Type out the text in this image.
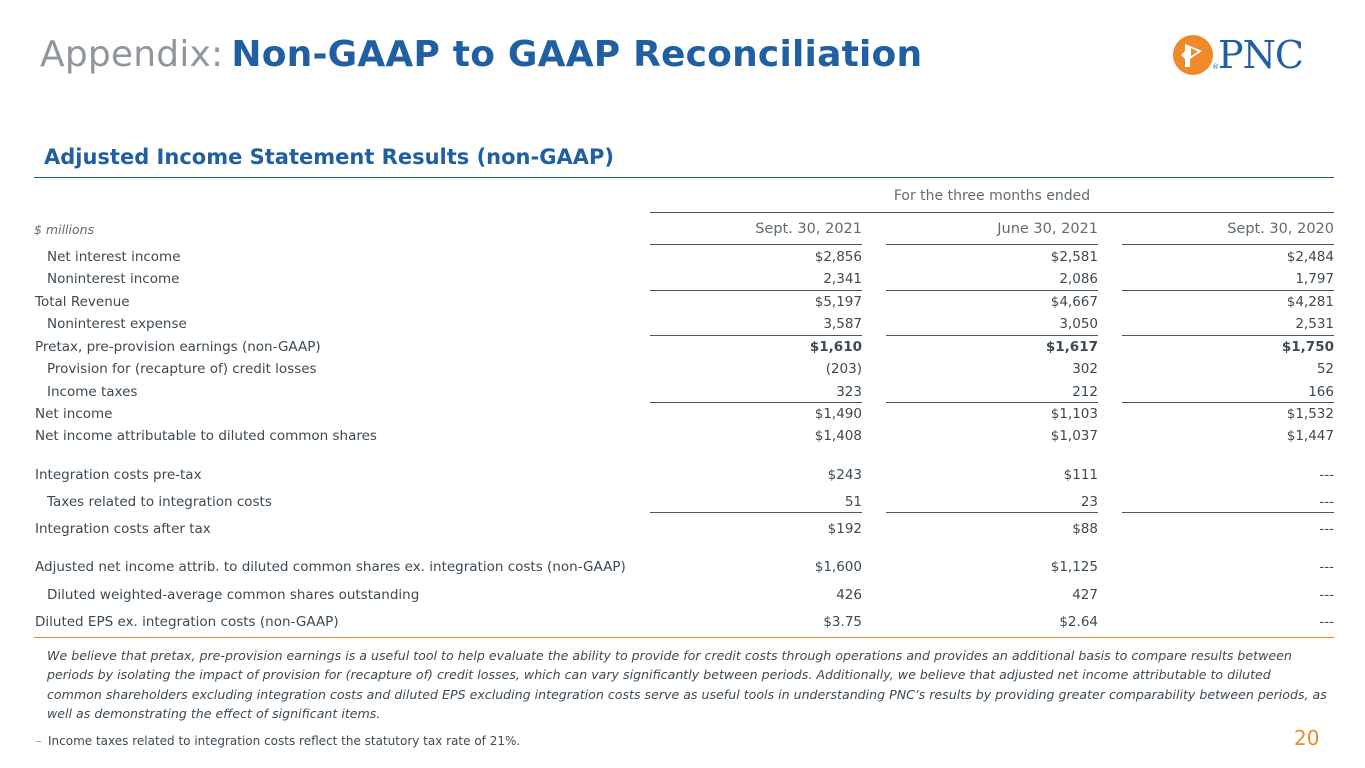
Appendix: Non-GAAP to GAAP Reconciliation	® PNC
Adjusted Income Statement Results (non-GAAP)
For the three months ended
$ millions	Sept. 30, 2021	June 30, 2021	Sept. 30, 2020
Net interest income	$2,856	$2,581	$2,484
Noninterest income	2,341	2,086	1,797
Total Revenue	$5,197	$4,667	$4,281
Noninterest expense	3,587	3,050	2,531
Pretax, pre-provision earnings (non-GAAP)	$1,610	$1,617	$1,750
Provision for (recapture of) credit losses	(203)	302	52
Income taxes	323	212	166
Net income	$1,490	$1,103	$1,532
Net income attributable to diluted common shares	$1,408	$1,037	$1,447
Integration costs pre-tax	$243	$111	---
Taxes related to integration costs	51	23	---
Integration costs after tax	$192	$88	---
Adjusted net income attrib. to diluted common shares ex. integration costs (non-GAAP)	$1,600	$1,125	---
Diluted weighted-average common shares outstanding	426	427	---
Diluted EPS ex. integration costs (non-GAAP)	$3.75	$2.64	---
We believe that pretax, pre-provision earnings is a useful tool to help evaluate the ability to provide for credit costs through operations and provides an additional basis to compare results between periods by isolating the impact of provision for (recapture of) credit losses, which can vary significantly between periods. Additionally, we believe that adjusted net income attributable to diluted common shareholders excluding integration costs and diluted EPS excluding integration costs serve as useful tools in understanding PNC’s results by providing greater comparability between periods, as well as demonstrating the effect of significant items.
– Income taxes related to integration costs reflect the statutory tax rate of 21%.	20
